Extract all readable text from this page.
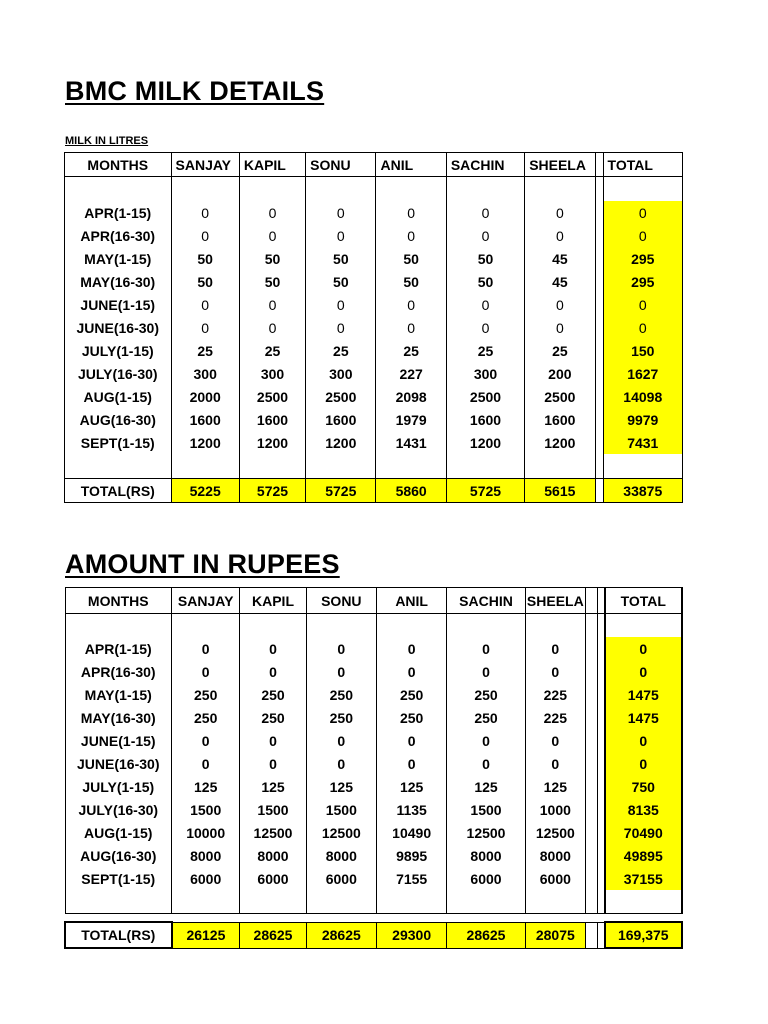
BMC MILK DETAILS
MILK IN LITRES
MONTHS	SANJAY	KAPIL	SONU	ANIL	SACHIN	SHEELA		TOTAL

APR(1-15)	0	0	0	0	0	0		0
APR(16-30)	0	0	0	0	0	0		0
MAY(1-15)	50	50	50	50	50	45		295
MAY(16-30)	50	50	50	50	50	45		295
JUNE(1-15)	0	0	0	0	0	0		0
JUNE(16-30)	0	0	0	0	0	0		0
JULY(1-15)	25	25	25	25	25	25		150
JULY(16-30)	300	300	300	227	300	200		1627
AUG(1-15)	2000	2500	2500	2098	2500	2500		14098
AUG(16-30)	1600	1600	1600	1979	1600	1600		9979
SEPT(1-15)	1200	1200	1200	1431	1200	1200		7431

TOTAL(RS)	5225	5725	5725	5860	5725	5615		33875
AMOUNT IN RUPEES
MONTHS	SANJAY	KAPIL	SONU	ANIL	SACHIN	SHEELA			TOTAL

APR(1-15)	0	0	0	0	0	0			0
APR(16-30)	0	0	0	0	0	0			0
MAY(1-15)	250	250	250	250	250	225			1475
MAY(16-30)	250	250	250	250	250	225			1475
JUNE(1-15)	0	0	0	0	0	0			0
JUNE(16-30)	0	0	0	0	0	0			0
JULY(1-15)	125	125	125	125	125	125			750
JULY(16-30)	1500	1500	1500	1135	1500	1000			8135
AUG(1-15)	10000	12500	12500	10490	12500	12500			70490
AUG(16-30)	8000	8000	8000	9895	8000	8000			49895
SEPT(1-15)	6000	6000	6000	7155	6000	6000			37155

TOTAL(RS)	26125	28625	28625	29300	28625	28075			169,375
